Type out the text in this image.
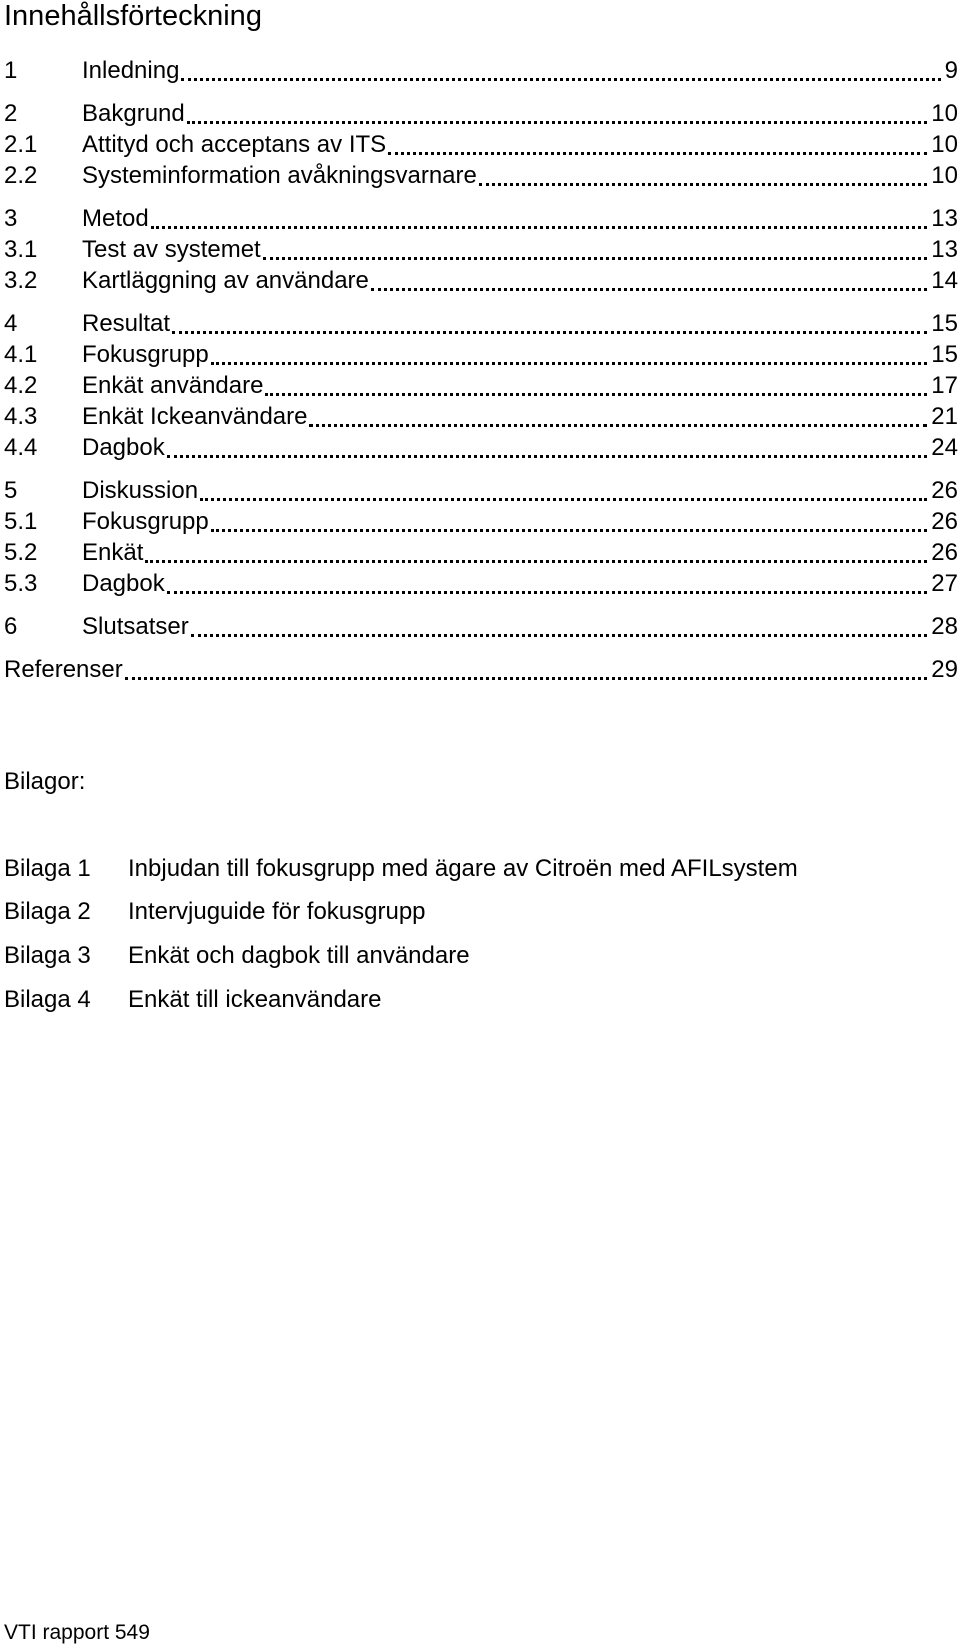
Innehållsförteckning
1	Inledning	9
2	Bakgrund	10
2.1 Attityd och acceptans av ITS	10
2.2 Systeminformation avåkningsvarnare	10
3	Metod	13
3.1 Test av systemet	13
3.2 Kartläggning av användare	14
4	Resultat	15
4.1 Fokusgrupp	15
4.2 Enkät användare	17
4.3 Enkät Ickeanvändare	21
4.4 Dagbok	24
5	Diskussion	26
5.1 Fokusgrupp	26
5.2 Enkät	26
5.3 Dagbok	27
6	Slutsatser	28
Referenser	29
Bilagor:
Bilaga 1 Inbjudan till fokusgrupp med ägare av Citroën med AFILsystem
Bilaga 2 Intervjuguide för fokusgrupp
Bilaga 3 Enkät och dagbok till användare
Bilaga 4 Enkät till ickeanvändare
VTI rapport 549
